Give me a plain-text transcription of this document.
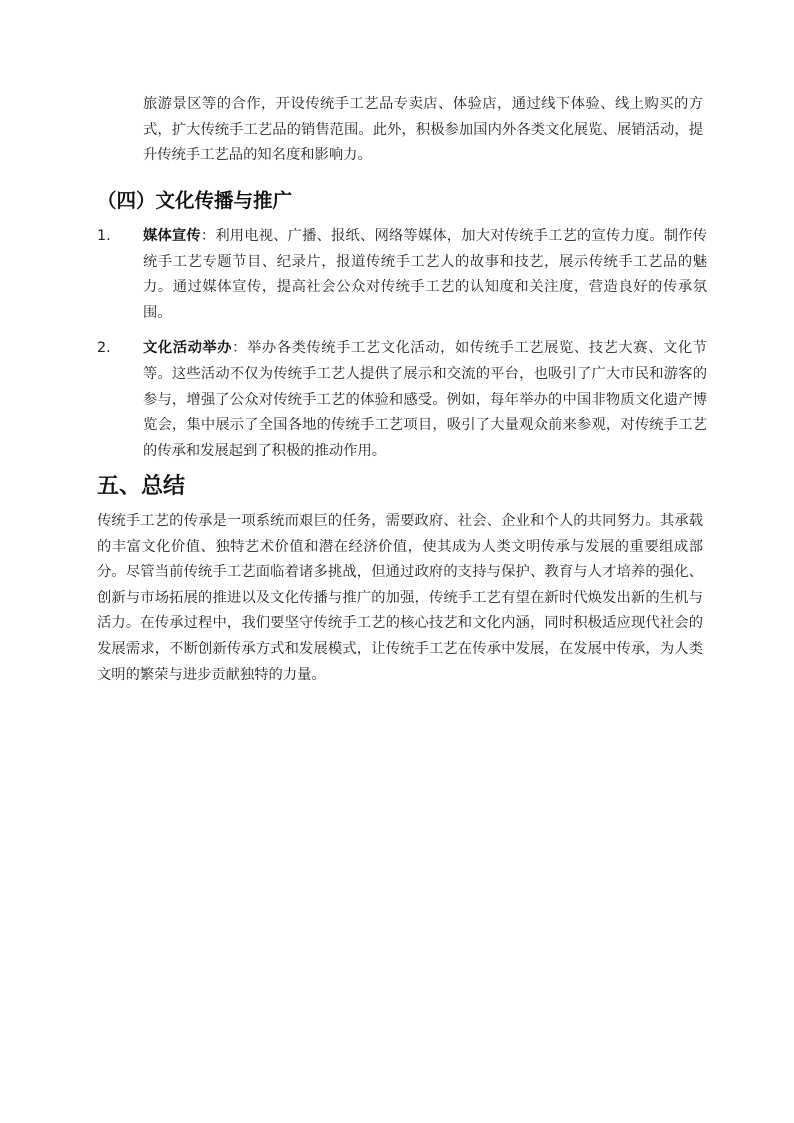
旅游景区等的合作，开设传统手工艺品专卖店、体验店，通过线下体验、线上购买的方式，扩大传统手工艺品的销售范围。此外，积极参加国内外各类文化展览、展销活动，提升传统手工艺品的知名度和影响力。

（四）文化传播与推广
1.	媒体宣传：利用电视、广播、报纸、网络等媒体，加大对传统手工艺的宣传力度。制作传统手工艺专题节目、纪录片，报道传统手工艺人的故事和技艺，展示传统手工艺品的魅力。通过媒体宣传，提高社会公众对传统手工艺的认知度和关注度，营造良好的传承氛围。
2.	文化活动举办：举办各类传统手工艺文化活动，如传统手工艺展览、技艺大赛、文化节等。这些活动不仅为传统手工艺人提供了展示和交流的平台，也吸引了广大市民和游客的参与，增强了公众对传统手工艺的体验和感受。例如，每年举办的中国非物质文化遗产博览会，集中展示了全国各地的传统手工艺项目，吸引了大量观众前来参观，对传统手工艺的传承和发展起到了积极的推动作用。
五、总结

传统手工艺的传承是一项系统而艰巨的任务，需要政府、社会、企业和个人的共同努力。其承载的丰富文化价值、独特艺术价值和潜在经济价值，使其成为人类文明传承与发展的重要组成部分。尽管当前传统手工艺面临着诸多挑战，但通过政府的支持与保护、教育与人才培养的强化、创新与市场拓展的推进以及文化传播与推广的加强，传统手工艺有望在新时代焕发出新的生机与活力。在传承过程中，我们要坚守传统手工艺的核心技艺和文化内涵，同时积极适应现代社会的发展需求，不断创新传承方式和发展模式，让传统手工艺在传承中发展，在发展中传承，为人类文明的繁荣与进步贡献独特的力量。
